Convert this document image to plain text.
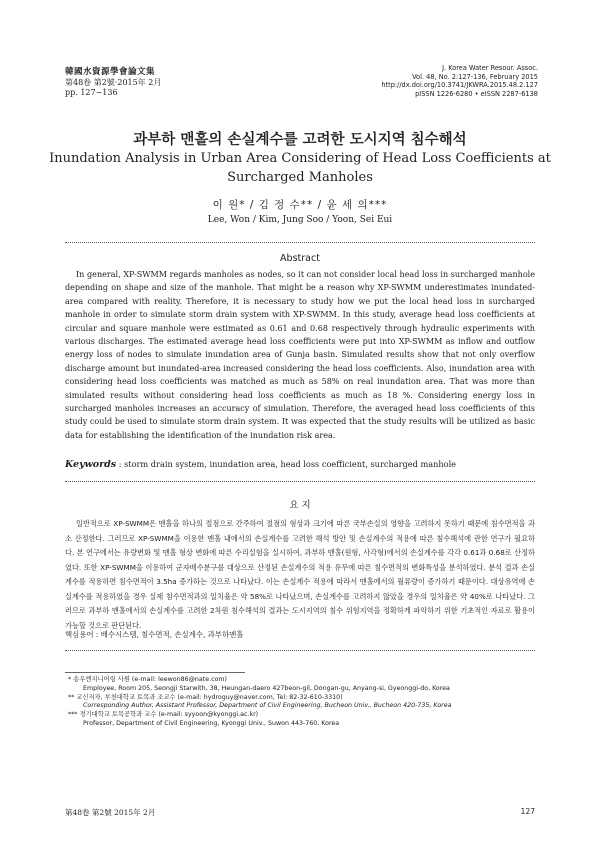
韓國水資源學會論文集
第48卷 第2號·2015年 2月
pp. 127~136
J. Korea Water Resour. Assoc.
Vol. 48, No. 2:127-136, February 2015
http://dx.doi.org/10.3741/JKWRA.2015.48.2.127
pISSN 1226-6280 • eISSN 2287-6138
과부하 맨홀의 손실계수를 고려한 도시지역 침수해석
Inundation Analysis in Urban Area Considering of Head Loss Coefficients at Surcharged Manholes
이 원* / 김 정 수** / 윤 세 의***
Lee, Won / Kim, Jung Soo / Yoon, Sei Eui
Abstract
In general, XP-SWMM regards manholes as nodes, so it can not consider local head loss in surcharged manhole depending on shape and size of the manhole. That might be a reason why XP-SWMM underestimates inundated-area compared with reality. Therefore, it is necessary to study how we put the local head loss in surcharged manhole in order to simulate storm drain system with XP-SWMM. In this study, average head loss coefficients at circular and square manhole were estimated as 0.61 and 0.68 respectively through hydraulic experiments with various discharges. The estimated average head loss coefficients were put into XP-SWMM as inflow and outflow energy loss of nodes to simulate inundation area of Gunja basin. Simulated results show that not only overflow discharge amount but inundated-area increased considering the head loss coefficients. Also, inundation area with considering head loss coefficients was matched as much as 58% on real inundation area. That was more than simulated results without considering head loss coefficients as much as 18 %. Considering energy loss in surcharged manholes increases an accuracy of simulation. Therefore, the averaged head loss coefficients of this study could be used to simulate storm drain system. It was expected that the study results will be utilized as basic data for establishing the identification of the inundation risk area.
Keywords : storm drain system, inundation area, head loss coefficient, surcharged manhole
요 지
일반적으로 XP-SWMM은 맨홀을 하나의 절점으로 간주하여 절점의 형상과 크기에 따른 국부손실의 영향을 고려하지 못하기 때문에 침수면적을 과소 산정한다. 그러므로 XP-SWMM을 이용한 맨홀 내에서의 손실계수를 고려한 해석 방안 및 손실계수의 적용에 따른 침수해석에 관한 연구가 필요하다. 본 연구에서는 유량변화 및 맨홀 형상 변화에 따른 수리실험을 실시하여, 과부하 맨홀(원형, 사각형)에서의 손실계수를 각각 0.61과 0.68로 산정하였다. 또한 XP-SWMM을 이용하여 군자배수분구를 대상으로 산정된 손실계수의 적용 유무에 따른 침수면적의 변화특성을 분석하였다. 분석 결과 손실계수를 적용하면 침수면적이 3.5ha 증가하는 것으로 나타났다. 이는 손실계수 적용에 따라서 맨홀에서의 월류량이 증가하기 때문이다. 대상유역에 손실계수를 적용하였을 경우 실제 침수면적과의 일치율은 약 58%로 나타났으며, 손실계수를 고려하지 않았을 경우의 일치율은 약 40%로 나타났다. 그러므로 과부하 맨홀에서의 손실계수를 고려한 2차원 침수해석의 결과는 도시지역의 침수 위험지역을 정확하게 파악하기 위한 기초적인 자료로 활용이 가능할 것으로 판단된다.
핵심용어 : 배수시스템, 침수면적, 손실계수, 과부하맨홀
* 송우엔지니어링 사원 (e-mail: leewon86@nate.com)
Employee, Room 205, Seongji Starwith, 38, Heungan-daero 427beon-gil, Dongan-gu, Anyang-si, Gyeonggi-do, Korea
** 교신저자, 부천대학교 토목과 조교수 (e-mail: hydroguy@naver.com, Tel: 82-32-610-3310)
Corresponding Author, Assistant Professor, Department of Civil Engineering, Bucheon Univ., Bucheon 420-735, Korea
*** 경기대학교 토목공학과 교수 (e-mail: syyoon@kyonggi.ac.kr)
Professor, Department of Civil Engineering, Kyonggi Univ., Suwon 443-760, Korea
第48卷 第2號 2015年 2月	127
